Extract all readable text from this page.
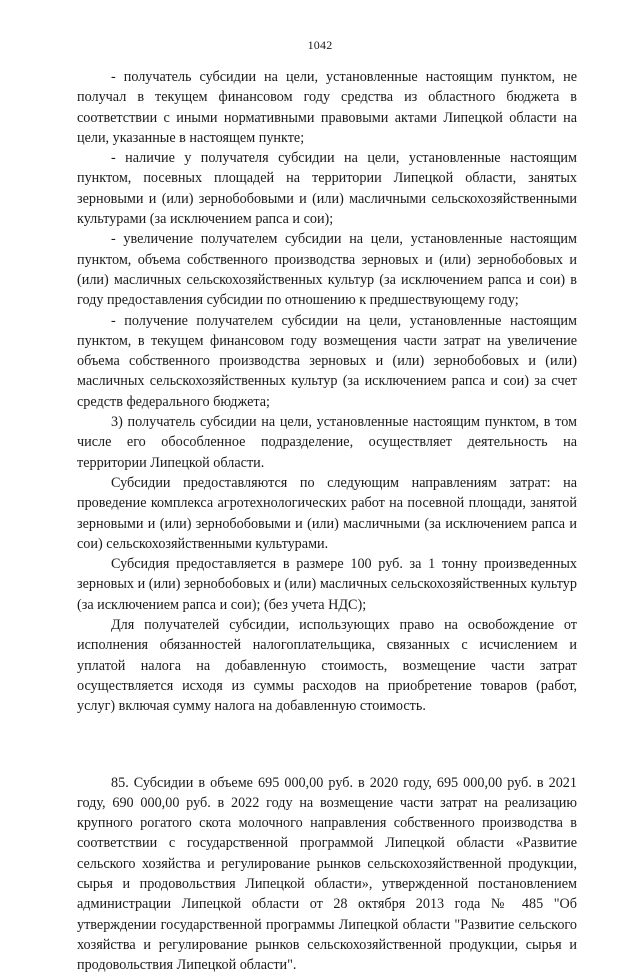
1042

- получатель субсидии на цели, установленные настоящим пунктом, не получал в текущем финансовом году средства из областного бюджета в соответствии с иными нормативными правовыми актами Липецкой области на цели, указанные в настоящем пункте;

- наличие у получателя субсидии на цели, установленные настоящим пунктом, посевных площадей на территории Липецкой области, занятых зерновыми и (или) зернобобовыми и (или) масличными сельскохозяйственными культурами (за исключением рапса и сои);

- увеличение получателем субсидии на цели, установленные настоящим пунктом, объема собственного производства зерновых и (или) зернобобовых и (или) масличных сельскохозяйственных культур (за исключением рапса и сои) в году предоставления субсидии по отношению к предшествующему году;

- получение получателем субсидии на цели, установленные настоящим пунктом, в текущем финансовом году возмещения части затрат на увеличение объема собственного производства зерновых и (или) зернобобовых и (или) масличных сельскохозяйственных культур (за исключением рапса и сои) за счет средств федерального бюджета;

3) получатель субсидии на цели, установленные настоящим пунктом, в том числе его обособленное подразделение, осуществляет деятельность на территории Липецкой области.

Субсидии предоставляются по следующим направлениям затрат: на проведение комплекса агротехнологических работ на посевной площади, занятой зерновыми и (или) зернобобовыми и (или) масличными (за исключением рапса и сои) сельскохозяйственными культурами.

Субсидия предоставляется в размере 100 руб. за 1 тонну произведенных зерновых и (или) зернобобовых и (или) масличных сельскохозяйственных культур (за исключением рапса и сои); (без учета НДС);

Для получателей субсидии, использующих право на освобождение от исполнения обязанностей налогоплательщика, связанных с исчислением и уплатой налога на добавленную стоимость, возмещение части затрат осуществляется исходя из суммы расходов на приобретение товаров (работ, услуг) включая сумму налога на добавленную стоимость.

85. Субсидии в объеме 695 000,00 руб. в 2020 году, 695 000,00 руб. в 2021 году, 690 000,00 руб. в 2022 году на возмещение части затрат на реализацию крупного рогатого скота молочного направления собственного производства в соответствии с государственной программой Липецкой области «Развитие сельского хозяйства и регулирование рынков сельскохозяйственной продукции, сырья и продовольствия Липецкой области», утвержденной постановлением администрации Липецкой области от 28 октября 2013 года № 485 "Об утверждении государственной программы Липецкой области "Развитие сельского хозяйства и регулирование рынков сельскохозяйственной продукции, сырья и продовольствия Липецкой области".
